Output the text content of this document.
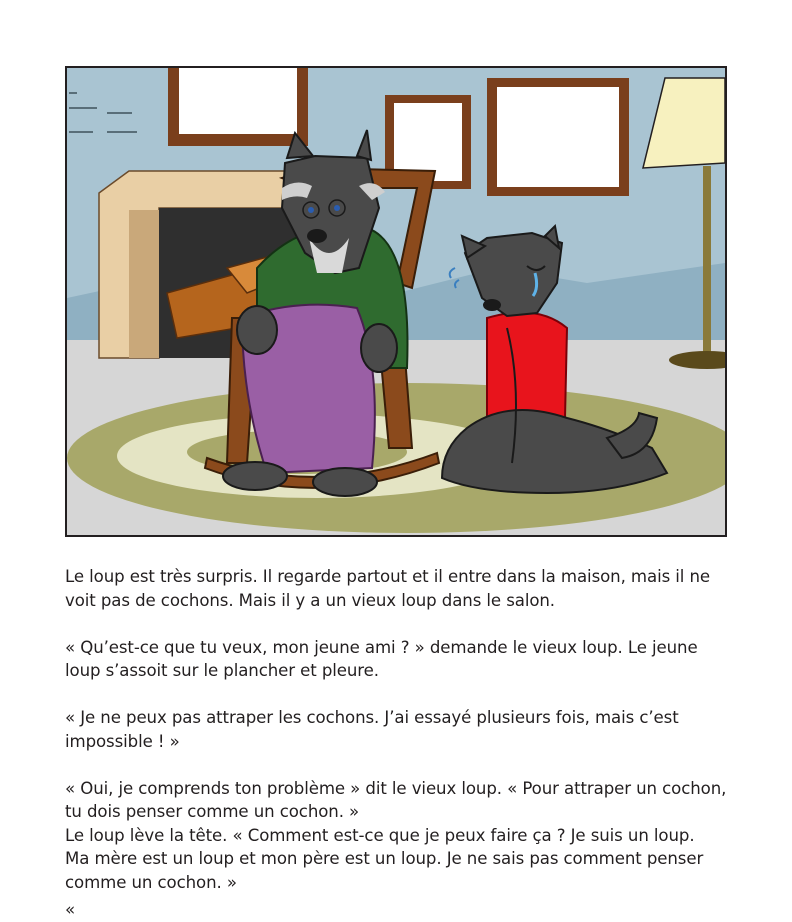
Le loup est très surpris. Il regarde partout et il entre dans la maison, mais il ne

voit pas de cochons. Mais il y a un vieux loup dans le salon.

« Qu’est-ce que tu veux, mon jeune ami ? » demande le vieux loup. Le jeune

loup s’assoit sur le plancher et pleure.

« Je ne peux pas attraper les cochons. J’ai essayé plusieurs fois, mais c’est

impossible ! »

« Oui, je comprends ton problème » dit le vieux loup. « Pour attraper un cochon,

tu dois penser comme un cochon. »

Le loup lève la tête. « Comment est-ce que je peux faire ça ? Je suis un loup.

Ma mère est un loup et mon père est un loup. Je ne sais pas comment penser

comme un cochon. »

«
